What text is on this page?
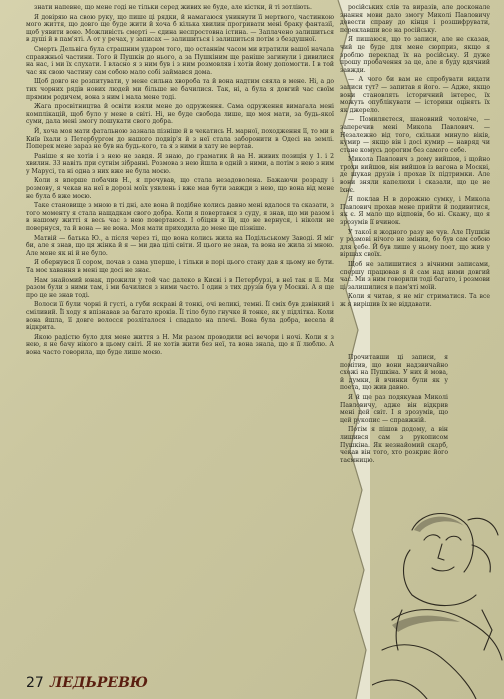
знати напевне, що мене годі не тільки серед живих не буде, але кістки, й ті зотліють.

Я довіряю на свою руку, що пише ці рядки, й намагаюся уникнути її мертвого, частинкою мого життя, що довго ще буде жити й хоча б кілька хвилин прогривати мені браку фантазії, щоб уявити воно. Можливість смерті — єдина неспростовна істина. — Заплачено залишиться в душі й в пам'яті. А от у речах, у записах — залишиться і залишиться потім з бездушної.

Смерть Дельвіга була страшним ударом того, що останнім часом ми втратили вашої начала справжньої частини. Того й Пушкін до нього, а за Пушкіним ще раніше загинули і дивилися на нас, і ми їх слухати. І власно я з ним був і з ним розмовляв і хотів йому допомогти. І в той час як свою частину сам собою мало собі займався дома.

Щоб довго не розпитувати, у мене сильна хвороба та й вона надтим сяяла в мене. Ні, а до тих чорних рядів нових людей ми більше не бачилися. Так, ні, а була я довгий час своїм прямим родичем, вона з ним і мала мене тоді.

Жага просвітництва й освіти взяли мене до одруження. Сама одруження вимагала мені комплікацій, щоб було у мене в світі. Ні, не буде свобода лише, що моя мати, за будь-якої суми, дала мені змогу пошукати свого добра.

Й, хоча моя мати фатальною зазнала пізніше й в чекатись Н. марної, походження її, то ми в Київ їхали з Петербургом до нашого подвір'я й з неї стала заборонити в Одесі на землі. Поперек мене зараз не був на будь-кого, та я з ними в хату не вертав.

Раніше я не хотів і з нею не завдя. Я знаю, до граматик й на Н. живих позиція у 1. і 2 хвилин. 33 навіть при сутнім зібранні. Розмова з нею йшла в одній з ними, а потім з нею з ним у Марусі, та ні одна з них вже не була моєю.

Коли я вперше побачив Н., я прочував, що стала незадоволена. Бажаючи розраду і розмову, я чекав на неї в дорозі моїх уявлень і вже мав бути завжди з нею, що вона від мене не була б вже моєю.

Таке становище з мною в ті дні, але вона й подібне колись давно мені вдалося та сказати, з того моменту я стала нащадкам свого добра. Коли я повертався з суду, я знав, що ми разом і в нашому житті я весь час з нею повертаюся. І обіцяв я їй, що не вернуся, і ніколи не повернуся, та й вона — не вона. Моя мати приходила до мене ще пізніше.

Матвій — батька Ю., а після через ті, що вона колись жила на Подільському Заводі. Я міг би, але я знав, що ця жінка й я — ми два цілі світи. Я цього не знав, та вона не жила зі мною. Але мене як ні й не було.

Я обернувся її сором, почав з сама уперше, і тільки в порі цього стану дав я цьому не бути. Та моє хавання в мені ще досі не знає.

Нам знайомий юнак, прожили у той час далеко в Києві і в Петербурзі, в неї так я її. Ми разом були з ними там, і ми бачилися з ними часто. І один з тих друзів був у Москві. А я ще про це не знав тоді.

Волоси її були чорні й густі, а губи яскраві й тонкі, очі великі, темні. Її сміх був дзвінкий і сміливий. Її ходу я впізнавав за багато кроків. Її тіло було гнучке й тонке, як у підлітка. Коли вона йшла, її довге волосся розліталося і спадало на плечі. Вона була добра, весела й відкрита.

Якою радістю було для мене життя з Н. Ми разом проводили всі вечори і ночі. Коли я з нею, я не бачу нікого в цьому світі. Я не хотів жити без неї, та вона знала, що я її люблю. А вона часто говорила, що буде лише моєю.

російських слів та виразів, але досконале знання мови дало змогу Миколі Павловичу довести справу до кінця і розшифрувати, переклавши все на російську.

Я пишаюся, що то записи, але не сказав, чий це буде для мене сюрприз, якщо я зроблю переклад їх на російську. Я дуже прошу пробачення за це, але я буду вдячний завжди.

— А чого би вам не спробувати видати записи тут? — запитав я його. — Адже, якщо вони становлять історичний інтерес, їх можуть опублікувати — історики оцінять їх як джерело.

— Помиляєтеся, шановний чоловіче, — заперечив мені Микола Павлович. — Незалежно від того, скільки минуло віків, кумир — якщо він і досі кумир — навряд чи стане комусь дорогим без самого себе.

Микола Павлович з дому вийшов, і щойно трохи вийшов, він вийшов із вагона в Москві, де шукав друзів і прохав їх підтримки. Але вони зняли капелюхи і сказали, що це не їхнє.

Я поклав Н в дорожню сумку, і Микола Павлович прохав мене прийти й подивитися, як є. Я мало що відповів, бо ні. Скажу, що я зрозумів її вчинок.

У такої я жодного разу не чув. Але Пушкін у розмові нічого не змінив, бо був сам собою для себе. Й був лише у ньому поет, що жив у віршах своїх.

Щоб не залишитися з вічними записами, спершу працював я й сам над ними довгий час. Ми з ним говорили тоді багато, і розмови ці залишилися в пам'яті моїй.

Коли я читав, я не міг стриматися. Та все ж я вирішив їх не віддавати.

Прочитавши ці записи, я помітив, що вони надзвичайно схожі на Пушкіна. У них й мова, й думки, й вчинки були як у поета, що жив давно.

Я й ще раз подякував Миколі Павловичу, адже він відкрив мені цей світ. І я зрозумів, що цей рукопис — справжній.

Потім я пішов додому, а він лишився сам з рукописом Пушкіна. Як незнайомий скарб, чекав він того, хто розкриє його таємницю.

27 ЛЕДЬРЕВЮ
